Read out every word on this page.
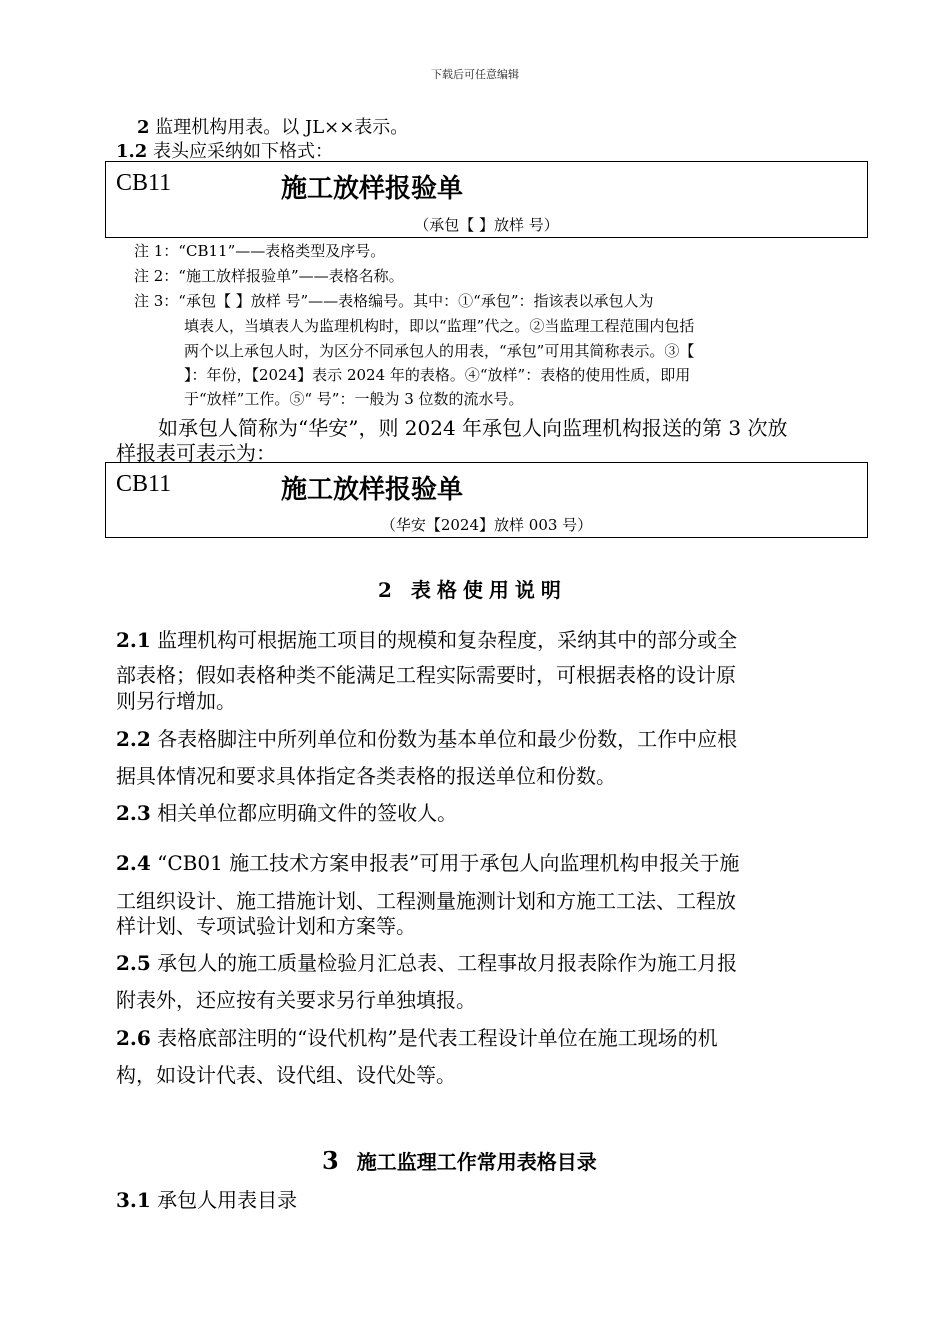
下载后可任意编辑
2 监理机构用表。以 JL××表示。
1.2 表头应采纳如下格式：
CB11	施工放样报验单
（承包【 】放样 号）
注 1：“CB11”——表格类型及序号。
注 2：“施工放样报验单”——表格名称。
注 3：“承包【 】放样 号”——表格编号。其中：①“承包”：指该表以承包人为
填表人，当填表人为监理机构时，即以“监理”代之。②当监理工程范围内包括
两个以上承包人时，为区分不同承包人的用表，“承包”可用其简称表示。③【
】：年份，【2024】表示 2024 年的表格。④“放样”：表格的使用性质，即用
于“放样”工作。⑤“ 号”：一般为 3 位数的流水号。
如承包人简称为“华安”，则 2024 年承包人向监理机构报送的第 3 次放
样报表可表示为：
CB11	施工放样报验单
（华安【2024】放样 003 号）
2 表格使用说明
2.1 监理机构可根据施工项目的规模和复杂程度，采纳其中的部分或全
部表格；假如表格种类不能满足工程实际需要时，可根据表格的设计原
则另行增加。
2.2 各表格脚注中所列单位和份数为基本单位和最少份数，工作中应根
据具体情况和要求具体指定各类表格的报送单位和份数。
2.3 相关单位都应明确文件的签收人。
2.4 “CB01 施工技术方案申报表”可用于承包人向监理机构申报关于施
工组织设计、施工措施计划、工程测量施测计划和方施工工法、工程放
样计划、专项试验计划和方案等。
2.5 承包人的施工质量检验月汇总表、工程事故月报表除作为施工月报
附表外，还应按有关要求另行单独填报。
2.6 表格底部注明的“设代机构”是代表工程设计单位在施工现场的机
构，如设计代表、设代组、设代处等。
3 施工监理工作常用表格目录
3.1 承包人用表目录
